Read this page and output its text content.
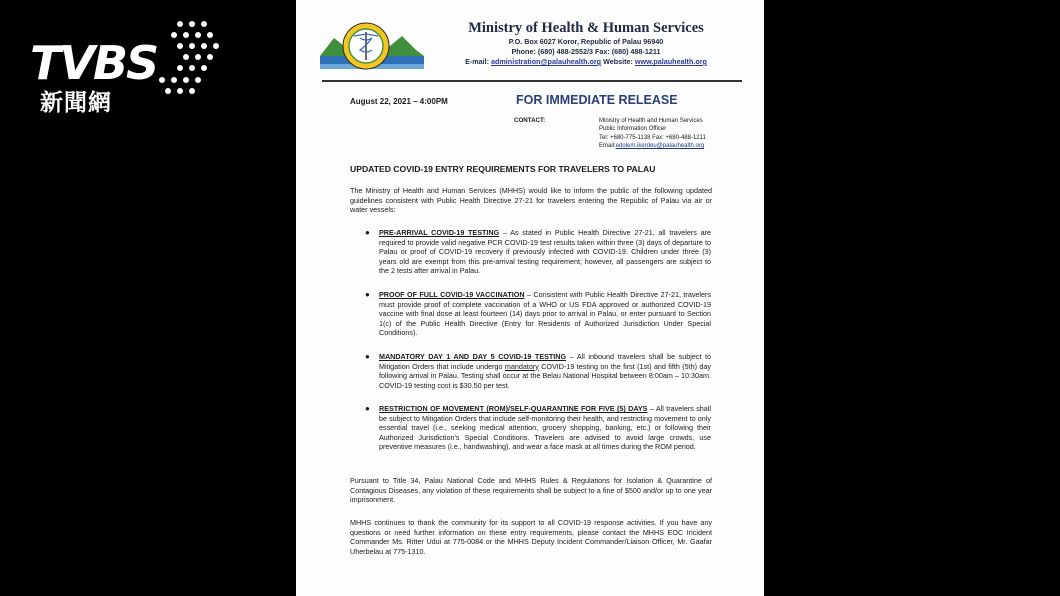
TVBS
新聞網
Ministry of Health & Human Services
P.O. Box 6027 Koror, Republic of Palau 96940
Phone: (680) 488-2552/3 Fax: (680) 488-1211
E-mail: administration@palauhealth.org Website: www.palauhealth.org
August 22, 2021 – 4:00PM	FOR IMMEDIATE RELEASE
CONTACT:	Ministry of Health and Human Services
Public Information Officer
Tel: +680-775-1138 Fax: +680-488-1211
Email:edolem.ikerdeu@palauhealth.org
UPDATED COVID-19 ENTRY REQUIREMENTS FOR TRAVELERS TO PALAU
The Ministry of Health and Human Services (MHHS) would like to inform the public of the following updated guidelines consistent with Public Health Directive 27-21 for travelers entering the Republic of Palau via air or water vessels:
● PRE-ARRIVAL COVID-19 TESTING – As stated in Public Health Directive 27-21, all travelers are required to provide valid negative PCR COVID-19 test results taken within three (3) days of departure to Palau or proof of COVID-19 recovery if previously infected with COVID-19. Children under three (3) years old are exempt from this pre-arrival testing requirement; however, all passengers are subject to the 2 tests after arrival in Palau.
● PROOF OF FULL COVID-19 VACCINATION – Consistent with Public Health Directive 27-21, travelers must provide proof of complete vaccination of a WHO or US FDA approved or authorized COVID-19 vaccine with final dose at least fourteen (14) days prior to arrival in Palau, or enter pursuant to Section 1(c) of the Public Health Directive (Entry for Residents of Authorized Jurisdiction Under Special Conditions).
● MANDATORY DAY 1 AND DAY 5 COVID-19 TESTING – All inbound travelers shall be subject to Mitigation Orders that include undergo mandatory COVID-19 testing on the first (1st) and fifth (5th) day following arrival in Palau. Testing shall occur at the Belau National Hospital between 8:00am – 10:30am. COVID-19 testing cost is $30.50 per test.
● RESTRICTION OF MOVEMENT (ROM)/SELF-QUARANTINE FOR FIVE (5) DAYS – All travelers shall be subject to Mitigation Orders that include self-monitoring their health, and restricting movement to only essential travel (i.e., seeking medical attention, grocery shopping, banking, etc.) or following their Authorized Jurisdiction's Special Conditions. Travelers are advised to avoid large crowds, use preventive measures (i.e., handwashing), and wear a face mask at all times during the ROM period.
Pursuant to Title 34, Palau National Code and MHHS Rules & Regulations for Isolation & Quarantine of Contagious Diseases, any violation of these requirements shall be subject to a fine of $500 and/or up to one year imprisonment.
MHHS continues to thank the community for its support to all COVID-19 response activities. If you have any questions or need further information on these entry requirements, please contact the MHHS EOC Incident Commander Ms. Ritter Udui at 775-0084 or the MHHS Deputy Incident Commander/Liaison Officer, Mr. Gaafar Uherbelau at 775-1310.
